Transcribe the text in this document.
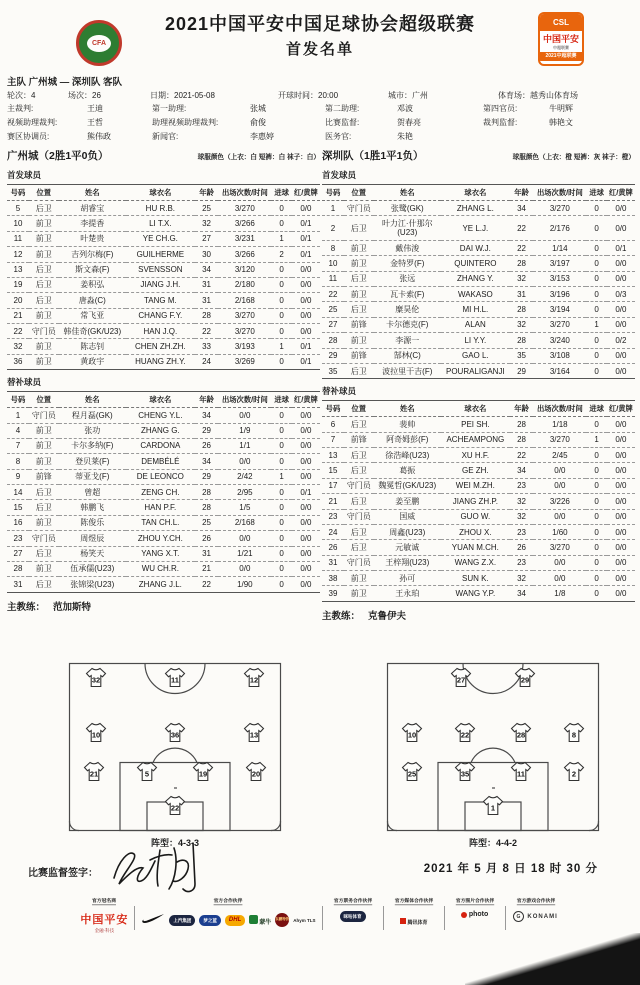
CFA
2021中国平安中国足球协会超级联赛
首发名单
CSL
中国平安
中超联赛
2021中超联赛
主队 广州城 — 深圳队 客队
轮次：4	场次：26	日期：2021-05-08	开球时间：20:00	城市：广州	体育场：越秀山体育场
主裁判:	王迪
视频助理裁判:	王哲
赛区协调员:	熊伟政
第一助理:	张城
助理视频助理裁判:	俞俊
新闻官:	李惠婷
第二助理:	邓波
比赛监督:	贺春亮
医务官:	朱艳
第四官员:	牛明辉
裁判监督:	韩艳文
广州城（2胜1平0负）	球服颜色（上衣：白 短裤：白 袜子：白）
首发球员
号码	位置	姓名	球衣名	年龄	出场次数/时间	进球	红/黄牌
5	后卫	胡睿宝	HU R.B.	25	3/270	0	0/0
10	前卫	李提香	LI T.X.	32	3/266	0	0/1
11	前卫	叶楚贵	YE CH.G.	27	3/231	1	0/1
12	前卫	吉列尔梅(F)	GUILHERME	30	3/266	2	0/1
13	后卫	斯文森(F)	SVENSSON	34	3/120	0	0/0
19	后卫	姜积弘	JIANG J.H.	31	2/180	0	0/0
20	后卫	唐淼(C)	TANG M.	31	2/168	0	0/0
21	前卫	常飞亚	CHANG F.Y.	28	3/270	0	0/0
22	守门员	韩佳奇(GK/U23)	HAN J.Q.	22	3/270	0	0/0
32	前卫	陈志钊	CHEN ZH.ZH.	33	3/193	1	0/1
36	前卫	黄政宇	HUANG ZH.Y.	24	3/269	0	0/1
替补球员
号码	位置	姓名	球衣名	年龄	出场次数/时间	进球	红/黄牌
1	守门员	程月磊(GK)	CHENG Y.L.	34	0/0	0	0/0
4	前卫	张功	ZHANG G.	29	1/9	0	0/0
7	前卫	卡尔多纳(F)	CARDONA	26	1/1	0	0/0
8	前卫	登贝莱(F)	DEMBÉLÉ	34	0/0	0	0/0
9	前锋	蒂亚戈(F)	DE LEONCO	29	2/42	1	0/0
14	后卫	曾超	ZENG CH.	28	2/95	0	0/1
15	后卫	韩鹏飞	HAN P.F.	28	1/5	0	0/0
16	前卫	陈俊乐	TAN CH.L.	25	2/168	0	0/0
23	守门员	周煜辰	ZHOU Y.CH.	26	0/0	0	0/0
27	后卫	杨笑天	YANG X.T.	31	1/21	0	0/0
28	前卫	伍承儒(U23)	WU CH.R.	21	0/0	0	0/0
31	后卫	张锦梁(U23)	ZHANG J.L.	22	1/90	0	0/0
主教练： 范加斯特
深圳队（1胜1平1负）	球服颜色（上衣：橙 短裤：灰 袜子：橙）
首发球员
号码	位置	姓名	球衣名	年龄	出场次数/时间	进球	红/黄牌
1	守门员	张鹭(GK)	ZHANG L.	34	3/270	0	0/0
2	后卫	叶力江·什那尔(U23)	YE L.J.	22	2/176	0	0/0
8	前卫	戴伟浚	DAI W.J.	22	1/14	0	0/1
10	前卫	金特罗(F)	QUINTERO	28	3/197	0	0/0
11	后卫	张远	ZHANG Y.	32	3/153	0	0/0
22	前卫	瓦卡索(F)	WAKASO	31	3/196	0	0/3
25	后卫	糜昊伦	MI H.L.	28	3/194	0	0/0
27	前锋	卡尔德克(F)	ALAN	32	3/270	1	0/0
28	前卫	李源一	LI Y.Y.	28	3/240	0	0/2
29	前锋	郜林(C)	GAO L.	35	3/108	0	0/0
35	后卫	波拉里干吉(F)	POURALIGANJI	29	3/164	0	0/0
替补球员
号码	位置	姓名	球衣名	年龄	出场次数/时间	进球	红/黄牌
6	后卫	裴帅	PEI SH.	28	1/18	0	0/0
7	前锋	阿奇姆彭(F)	ACHEAMPONG	28	3/270	1	0/0
13	后卫	徐浩峰(U23)	XU H.F.	22	2/45	0	0/0
15	后卫	葛振	GE ZH.	34	0/0	0	0/0
17	守门员	魏冕哲(GK/U23)	WEI M.ZH.	23	0/0	0	0/0
21	后卫	姜至鹏	JIANG ZH.P.	32	3/226	0	0/0
23	守门员	国威	GUO W.	32	0/0	0	0/0
24	后卫	周鑫(U23)	ZHOU X.	23	1/60	0	0/0
26	后卫	元敏诚	YUAN M.CH.	26	3/270	0	0/0
31	守门员	王梓翔(U23)	WANG Z.X.	23	0/0	0	0/0
38	前卫	孙可	SUN K.	32	0/0	0	0/0
39	前卫	王永珀	WANG Y.P.	34	1/8	0	0/0
主教练： 克鲁伊夫
32	11	12
10	36	13
21	5	19	20
22
27	29
10	22	28	8
25	35	11	2
1
阵型：4-3-3	阵型：4-4-2
比赛监督签字：	2021 年 5 月 8 日 18 时 30 分
官方冠名商
中国平安
金融·科技
官方合作伙伴
上汽集团	梦之蓝	DHL
蒙牛
东鹏特饮 Ahym TLS
官方票务合作伙伴
咪咕体育
官方媒体合作伙伴
腾讯体育
官方图片合作伙伴
photo
官方游戏合作伙伴
G	KONAMI
